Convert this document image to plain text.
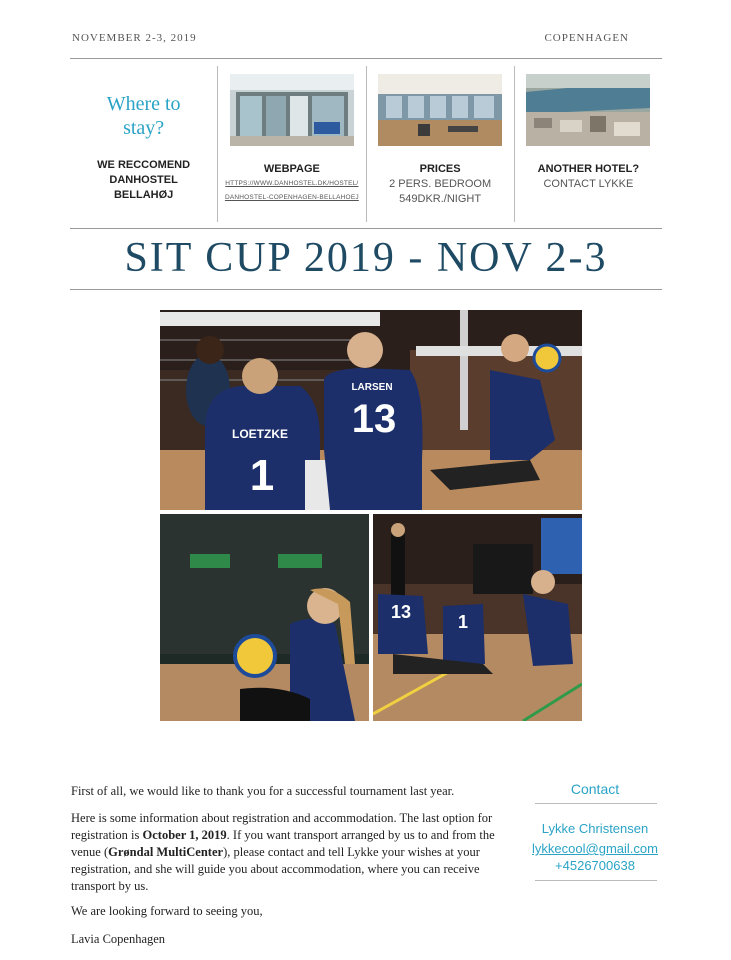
NOVEMBER 2-3, 2019	COPENHAGEN
Where to
stay?
WE RECCOMEND
DANHOSTEL
BELLAHØJ
WEBPAGE
HTTPS://WWW.DANHOSTEL.DK/HOSTEL/
DANHOSTEL-COPENHAGEN-BELLAHOEJ
PRICES
2 PERS. BEDROOM
549DKR./NIGHT
ANOTHER HOTEL?
CONTACT LYKKE
SIT CUP 2019 - NOV 2-3
LOETZKE
1
LARSEN
13
13	1
First of all, we would like to thank you for a successful tournament last year.
Here is some information about registration and accommodation. The last option for registration is October 1, 2019. If you want transport arranged by us to and from the venue (Grøndal MultiCenter), please contact and tell Lykke your wishes at your registration, and she will guide you about accommodation, where you can receive transport by us.
We are looking forward to seeing you,
Lavia Copenhagen
Contact
Lykke Christensen
lykkecool@gmail.com
+4526700638
